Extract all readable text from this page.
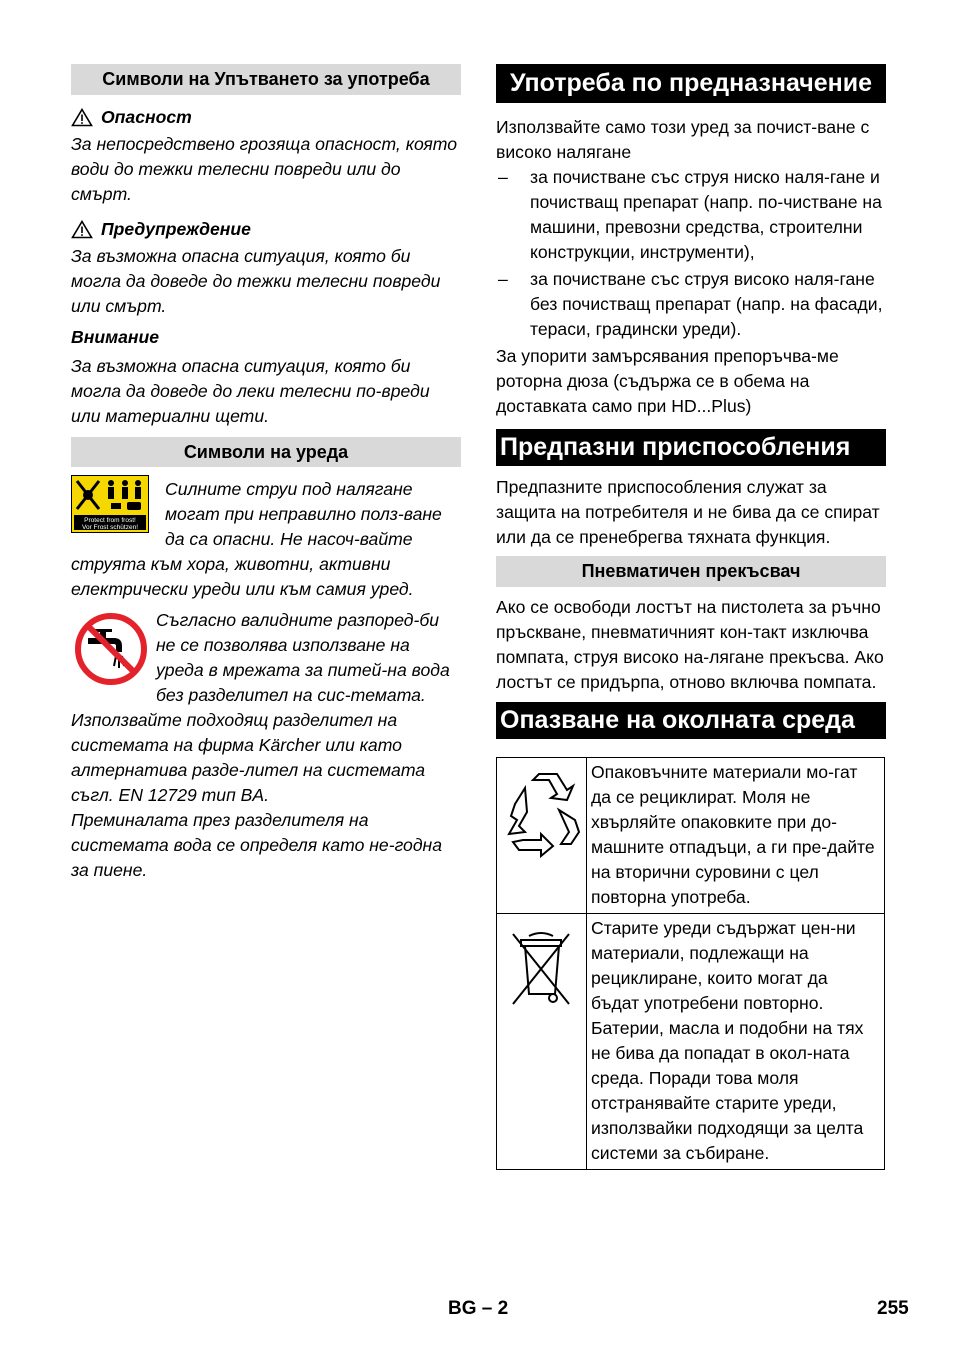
Символи на Упътването за употреба
Опасност

За непосредствено грозяща опасност, която води до тежки телесни повреди или до смърт.

Предупреждение

За възможна опасна ситуация, която би могла да доведе до тежки телесни повреди или смърт.

Внимание

За възможна опасна ситуация, която би могла да доведе до леки телесни по-вреди или материални щети.

Символи на уреда
Protect from frost!
Vor Frost schützen!

Силните струи под налягане могат при неправилно полз-ване да са опасни. Не насоч-вайте струята към хора, животни, активни електрически уреди или към самия уред.

Съгласно валидните разпоред-би не се позволява използване на уреда в мрежата за питей-на вода без разделител на сис-темата. Използвайте подходящ разделител на системата на фирма Kärcher или като алтернатива разде-лител на системата съгл. EN 12729 тип BA.

Преминалата през разделителя на системата вода се определя като не-годна за пиене.

Употреба по предназначение

Използвайте само този уред за почист-ване с високо налягане

–	за почистване със струя ниско наля-гане и почистващ препарат (напр. по-чистване на машини, превозни средства, строителни конструкции, инструменти),
–	за почистване със струя високо наля-гане без почистващ препарат (напр. на фасади, тераси, градински уреди).

За упорити замърсявания препоръчва-ме роторна дюза (съдържа се в обема на доставката само при HD...Plus)

Предпазни приспособления

Предпазните приспособления служат за защита на потребителя и не бива да се спират или да се пренебрегва тяхната функция.

Пневматичен прекъсвач

Ако се освободи лостът на пистолета за ръчно пръскване, пневматичният кон-такт изключва помпата, струя високо на-лягане прекъсва. Ако лостът се придърпа, отново включва помпата.

Опазване на околната среда
	Опаковъчните материали мо-гат да се рециклират. Моля не хвърляйте опаковките при до-машните отпадъци, а ги пре-дайте на вторични суровини с цел повторна употреба.
	Старите уреди съдържат цен-ни материали, подлежащи на рециклиране, които могат да бъдат употребени повторно. Батерии, масла и подобни на тях не бива да попадат в окол-ната среда. Поради това моля отстранявайте старите уреди, използвайки подходящи за целта системи за събиране.
BG – 2	255
